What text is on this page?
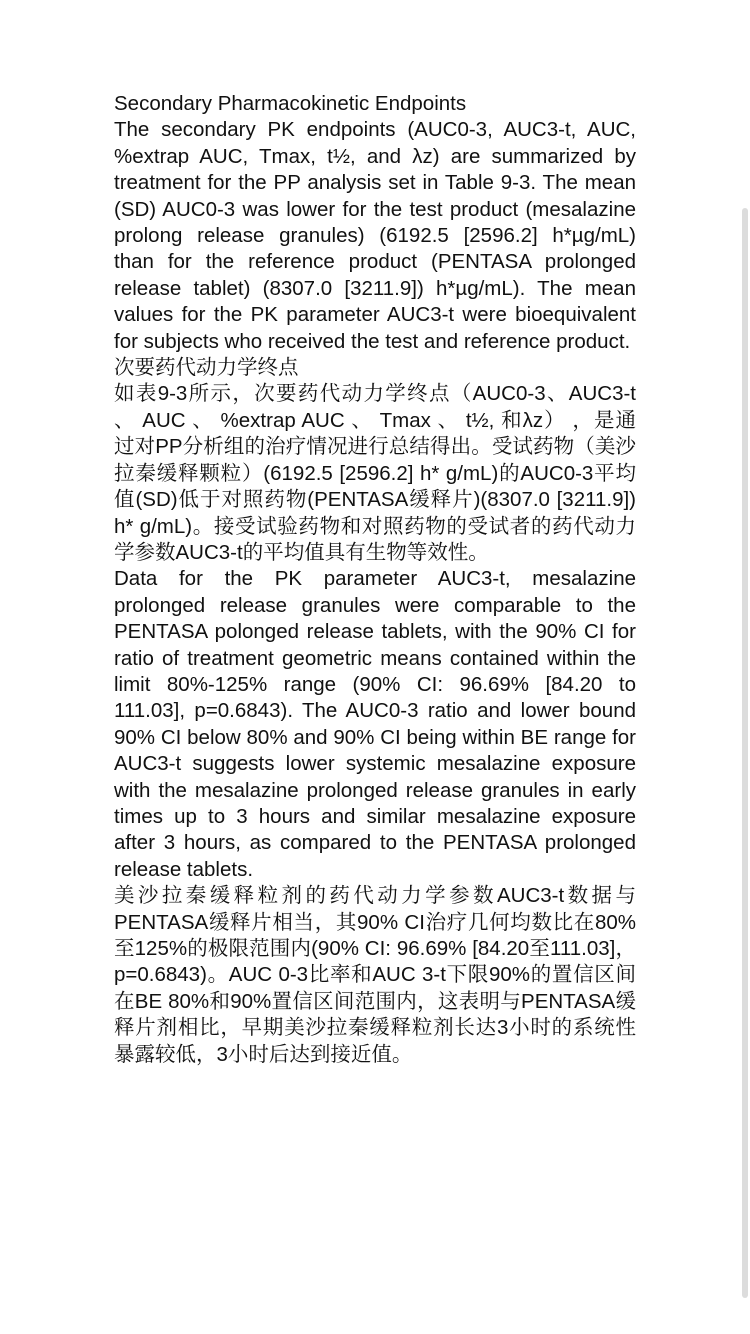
Secondary Pharmacokinetic Endpoints

The secondary PK endpoints (AUC0-3, AUC3-t, AUC, %extrap AUC, Tmax, t½, and λz) are summarized by treatment for the PP analysis set in Table 9-3. The mean (SD) AUC0-3 was lower for the test product (mesalazine prolong release granules) (6192.5 [2596.2] h*µg/mL) than for the reference product (PENTASA prolonged release tablet) (8307.0 [3211.9]) h*µg/mL). The mean values for the PK parameter AUC3-t were bioequivalent for subjects who received the test and reference product.

次要药代动力学终点

如表9-3所示，次要药代动力学终点（AUC0-3、AUC3-t 、 AUC 、 %extrap AUC 、 Tmax 、 t½, 和λz） ，是通过对PP分析组的治疗情况进行总结得出。受试药物（美沙拉秦缓释颗粒）(6192.5 [2596.2] h* g/mL)的AUC0-3平均值(SD)低于对照药物(PENTASA缓释片)(8307.0 [3211.9]) h* g/mL)。接受试验药物和对照药物的受试者的药代动力学参数AUC3-t的平均值具有生物等效性。

Data for the PK parameter AUC3-t, mesalazine prolonged release granules were comparable to the PENTASA polonged release tablets, with the 90% CI for ratio of treatment geometric means contained within the limit 80%-125% range (90% CI: 96.69% [84.20 to 111.03], p=0.6843). The AUC0-3 ratio and lower bound 90% CI below 80% and 90% CI being within BE range for AUC3-t suggests lower systemic mesalazine exposure with the mesalazine prolonged release granules in early times up to 3 hours and similar mesalazine exposure after 3 hours, as compared to the PENTASA prolonged release tablets.

美沙拉秦缓释粒剂的药代动力学参数AUC3-t数据与PENTASA缓释片相当，其90% CI治疗几何均数比在80%至125%的极限范围内(90% CI: 96.69% [84.20至111.03]，p=0.6843)。AUC 0-3比率和AUC 3-t下限90%的置信区间在BE 80%和90%置信区间范围内，这表明与PENTASA缓释片剂相比，早期美沙拉秦缓释粒剂长达3小时的系统性暴露较低，3小时后达到接近值。
